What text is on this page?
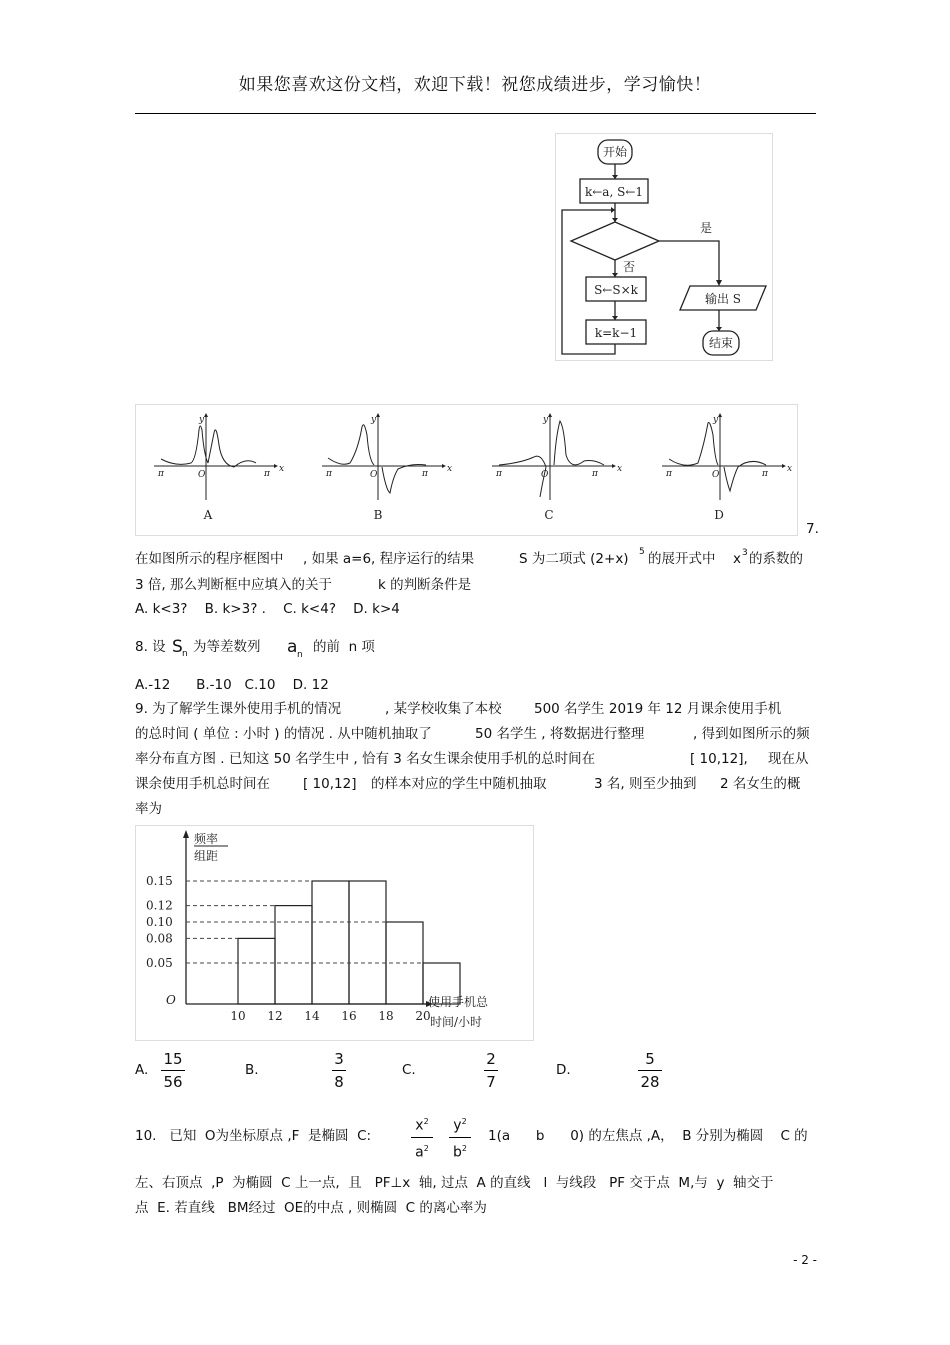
如果您喜欢这份文档，欢迎下载！祝您成绩进步，学习愉快！
开始
k←a, S←1
S←S×k
k=k−1
是
否
输出 S
结束
y
x
O
π	π
y
x
O
π	π
y
x
O
π	π
y
x
O
π	π
A	B	C	D
7.
在如图所示的程序框图中 , 如果 a=6, 程序运行的结果	S 为二项式 (2+x) 5 的展开式中 x 3 的系数的
3 倍, 那么判断框中应填入的关于	k 的判断条件是
A. k<3?    B. k>3? .    C. k<4?    D. k>4
8. 设 S n 为等差数列 a n 的前  n 项
A.-12      B.-10   C.10    D. 12
9. 为了解学生课外使用手机的情况	, 某学校收集了本校 500 名学生 2019 年 12 月课余使用手机
的总时间 ( 单位 : 小时 ) 的情况 . 从中随机抽取了	50 名学生 , 将数据进行整理	, 得到如图所示的频
率分布直方图 . 已知这 50 名学生中 , 恰有 3 名女生课余使用手机的总时间在	[ 10,12], 现在从
课余使用手机总时间在 [ 10,12] 的样本对应的学生中随机抽取	3 名, 则至少抽到 2 名女生的概
率为
0.15
0.12
0.10
0.08
0.05
10 12 14 16 18 20
频率
组距
O	使用手机总
时间/小时
A.
15
56
B.
3
8
C.
2
7
D.
5
28
10.   已知  O为坐标原点 ,F  是椭圆  C:
$x^2$
$a^2$
$y^2$
$b^2$
1(a      b      0) 的左焦点 ,A，  B 分别为椭圆    C 的
左、右顶点  ,P  为椭圆  C 上一点,  且   PF⊥x  轴, 过点  A 的直线   l  与线段   PF 交于点  M,与  y  轴交于
点  E. 若直线   BM经过  OE的中点 , 则椭圆  C 的离心率为
- 2 -
